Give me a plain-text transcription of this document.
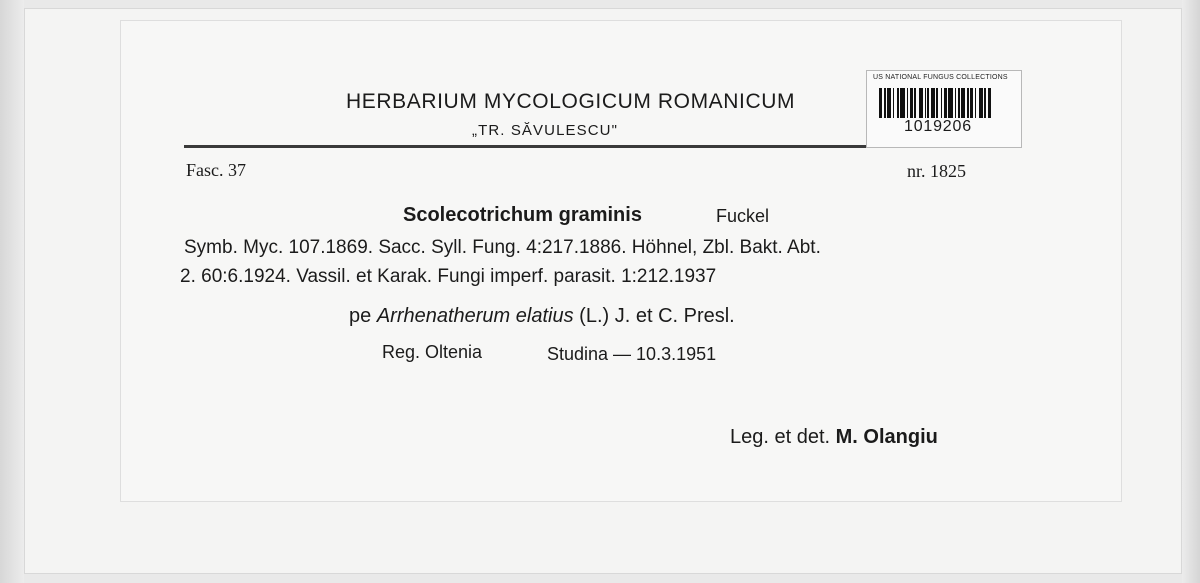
HERBARIUM MYCOLOGICUM ROMANICUM
„TR. SĂVULESCU"
US NATIONAL FUNGUS COLLECTIONS
1019206
Fasc. 37	nr. 1825
Scolecotrichum graminis	Fuckel
Symb. Myc. 107.1869. Sacc. Syll. Fung. 4:217.1886. Höhnel, Zbl. Bakt. Abt.
2. 60:6.1924. Vassil. et Karak. Fungi imperf. parasit. 1:212.1937
pe Arrhenatherum elatius (L.) J. et C. Presl.
Reg. Oltenia	Studina — 10.3.1951
Leg. et det. M. Olangiu
